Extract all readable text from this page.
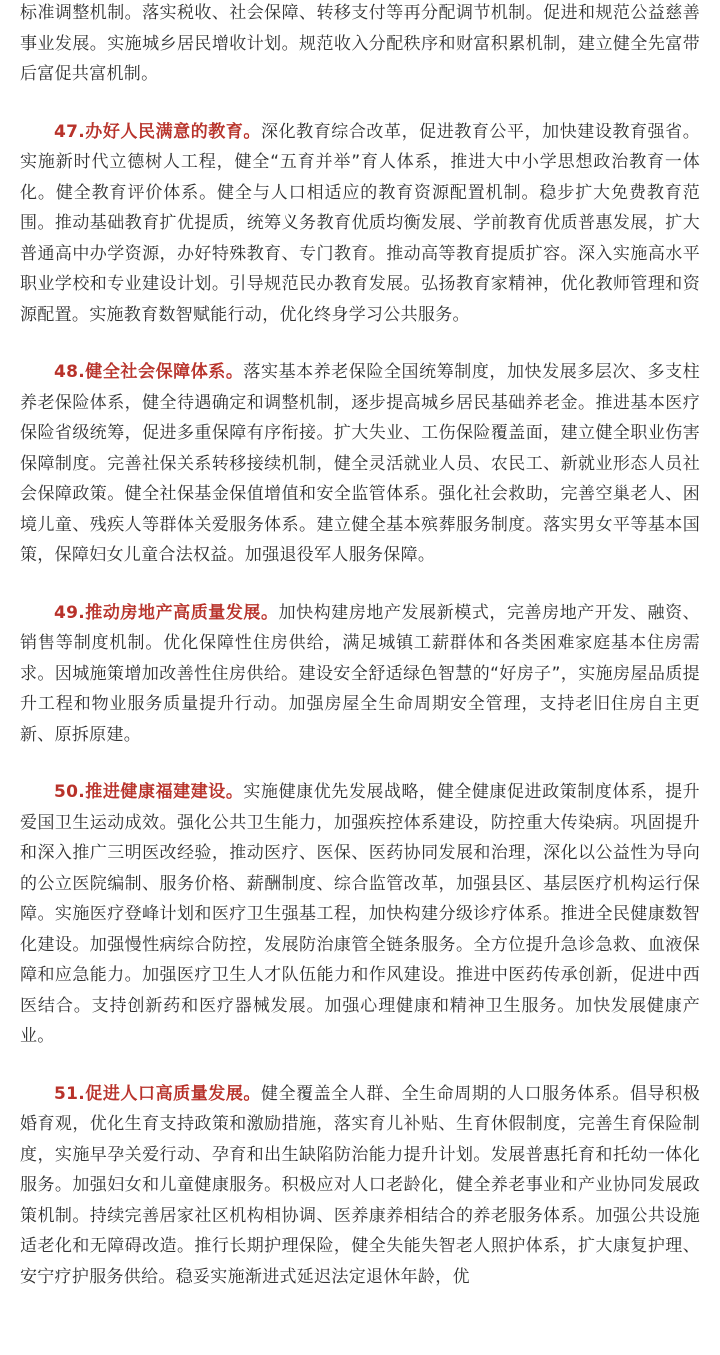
标准调整机制。落实税收、社会保障、转移支付等再分配调节机制。促进和规范公益慈善事业发展。实施城乡居民增收计划。规范收入分配秩序和财富积累机制，建立健全先富带后富促共富机制。

47.办好人民满意的教育。深化教育综合改革，促进教育公平，加快建设教育强省。实施新时代立德树人工程，健全“五育并举”育人体系，推进大中小学思想政治教育一体化。健全教育评价体系。健全与人口相适应的教育资源配置机制。稳步扩大免费教育范围。推动基础教育扩优提质，统筹义务教育优质均衡发展、学前教育优质普惠发展，扩大普通高中办学资源，办好特殊教育、专门教育。推动高等教育提质扩容。深入实施高水平职业学校和专业建设计划。引导规范民办教育发展。弘扬教育家精神，优化教师管理和资源配置。实施教育数智赋能行动，优化终身学习公共服务。

48.健全社会保障体系。落实基本养老保险全国统筹制度，加快发展多层次、多支柱养老保险体系，健全待遇确定和调整机制，逐步提高城乡居民基础养老金。推进基本医疗保险省级统筹，促进多重保障有序衔接。扩大失业、工伤保险覆盖面，建立健全职业伤害保障制度。完善社保关系转移接续机制，健全灵活就业人员、农民工、新就业形态人员社会保障政策。健全社保基金保值增值和安全监管体系。强化社会救助，完善空巢老人、困境儿童、残疾人等群体关爱服务体系。建立健全基本殡葬服务制度。落实男女平等基本国策，保障妇女儿童合法权益。加强退役军人服务保障。

49.推动房地产高质量发展。加快构建房地产发展新模式，完善房地产开发、融资、销售等制度机制。优化保障性住房供给，满足城镇工薪群体和各类困难家庭基本住房需求。因城施策增加改善性住房供给。建设安全舒适绿色智慧的“好房子”，实施房屋品质提升工程和物业服务质量提升行动。加强房屋全生命周期安全管理，支持老旧住房自主更新、原拆原建。

50.推进健康福建建设。实施健康优先发展战略，健全健康促进政策制度体系，提升爱国卫生运动成效。强化公共卫生能力，加强疾控体系建设，防控重大传染病。巩固提升和深入推广三明医改经验，推动医疗、医保、医药协同发展和治理，深化以公益性为导向的公立医院编制、服务价格、薪酬制度、综合监管改革，加强县区、基层医疗机构运行保障。实施医疗登峰计划和医疗卫生强基工程，加快构建分级诊疗体系。推进全民健康数智化建设。加强慢性病综合防控，发展防治康管全链条服务。全方位提升急诊急救、血液保障和应急能力。加强医疗卫生人才队伍能力和作风建设。推进中医药传承创新，促进中西医结合。支持创新药和医疗器械发展。加强心理健康和精神卫生服务。加快发展健康产业。

51.促进人口高质量发展。健全覆盖全人群、全生命周期的人口服务体系。倡导积极婚育观，优化生育支持政策和激励措施，落实育儿补贴、生育休假制度，完善生育保险制度，实施早孕关爱行动、孕育和出生缺陷防治能力提升计划。发展普惠托育和托幼一体化服务。加强妇女和儿童健康服务。积极应对人口老龄化，健全养老事业和产业协同发展政策机制。持续完善居家社区机构相协调、医养康养相结合的养老服务体系。加强公共设施适老化和无障碍改造。推行长期护理保险，健全失能失智老人照护体系，扩大康复护理、安宁疗护服务供给。稳妥实施渐进式延迟法定退休年龄，优
